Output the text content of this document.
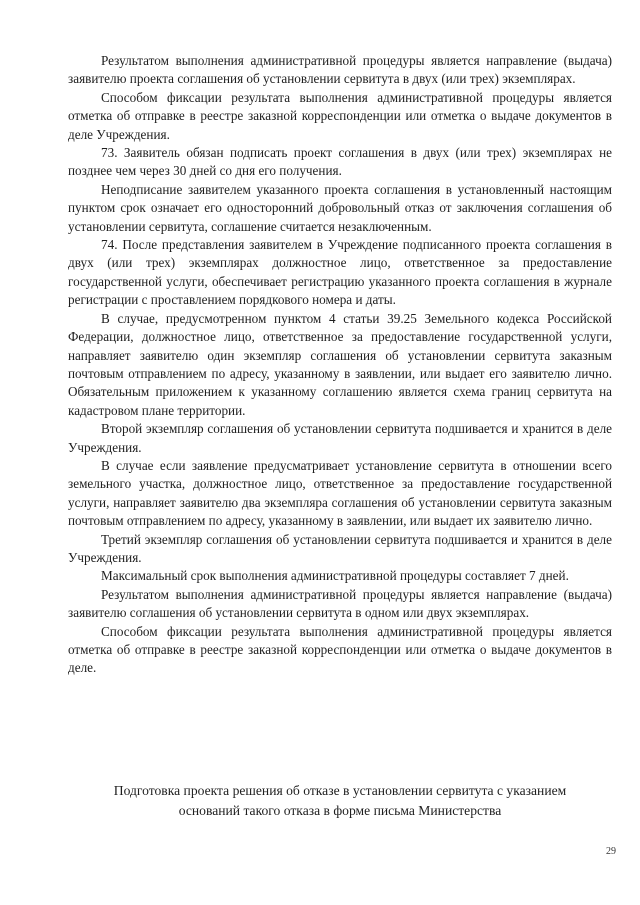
Результатом выполнения административной процедуры является направление (выдача) заявителю проекта соглашения об установлении сервитута в двух (или трех) экземплярах.

Способом фиксации результата выполнения административной процедуры является отметка об отправке в реестре заказной корреспонденции или отметка о выдаче документов в деле Учреждения.

73. Заявитель обязан подписать проект соглашения в двух (или трех) экземплярах не позднее чем через 30 дней со дня его получения.

Неподписание заявителем указанного проекта соглашения в установленный настоящим пунктом срок означает его односторонний добровольный отказ от заключения соглашения об установлении сервитута, соглашение считается незаключенным.

74. После представления заявителем в Учреждение подписанного проекта соглашения в двух (или трех) экземплярах должностное лицо, ответственное за предоставление государственной услуги, обеспечивает регистрацию указанного проекта соглашения в журнале регистрации с проставлением порядкового номера и даты.

В случае, предусмотренном пунктом 4 статьи 39.25 Земельного кодекса Российской Федерации, должностное лицо, ответственное за предоставление государственной услуги, направляет заявителю один экземпляр соглашения об установлении сервитута заказным почтовым отправлением по адресу, указанному в заявлении, или выдает его заявителю лично. Обязательным приложением к указанному соглашению является схема границ сервитута на кадастровом плане территории.

Второй экземпляр соглашения об установлении сервитута подшивается и хранится в деле Учреждения.

В случае если заявление предусматривает установление сервитута в отношении всего земельного участка, должностное лицо, ответственное за предоставление государственной услуги, направляет заявителю два экземпляра соглашения об установлении сервитута заказным почтовым отправлением по адресу, указанному в заявлении, или выдает их заявителю лично.

Третий экземпляр соглашения об установлении сервитута подшивается и хранится в деле Учреждения.

Максимальный срок выполнения административной процедуры составляет 7 дней.

Результатом выполнения административной процедуры является направление (выдача) заявителю соглашения об установлении сервитута в одном или двух экземплярах.

Способом фиксации результата выполнения административной процедуры является отметка об отправке в реестре заказной корреспонденции или отметка о выдаче документов в деле.

Подготовка проекта решения об отказе в установлении сервитута с указанием
оснований такого отказа в форме письма Министерства
29
